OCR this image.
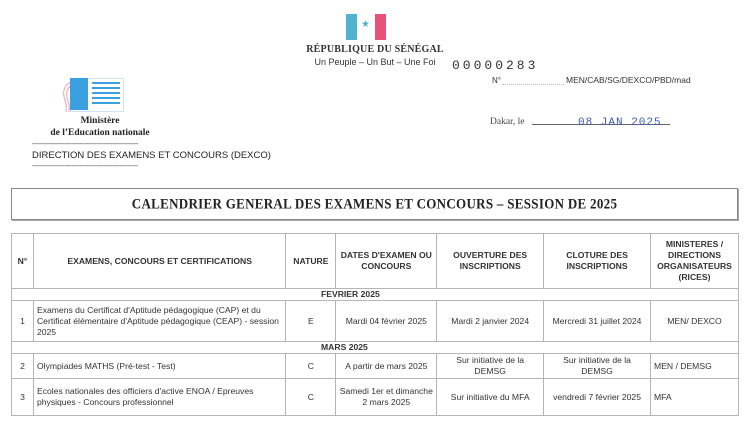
★
RÉPUBLIQUE DU SÉNÉGAL
Un Peuple – Un But – Une Foi	00000283
N°	MEN/CAB/SG/DEXCO/PBD/mad
Dakar, le	08 JAN 2025
Ministère
de l’Education nationale
-------------------------------------------------
DIRECTION DES EXAMENS ET CONCOURS (DEXCO)
-------------------------------------------------
CALENDRIER GENERAL DES EXAMENS ET CONCOURS – SESSION DE 2025
N°	EXAMENS, CONCOURS ET CERTIFICATIONS	NATURE	DATES D'EXAMEN OU CONCOURS	OUVERTURE DES INSCRIPTIONS	CLOTURE DES INSCRIPTIONS	MINISTERES / DIRECTIONS ORGANISATEURS (RICES)
FEVRIER 2025						
1	Examens du Certificat d'Aptitude pédagogique (CAP) et du Certificat élémentaire d'Aptitude pédagogique (CEAP) - session 2025	E	Mardi 04 février 2025	Mardi 2 janvier 2024	Mercredi 31 juillet 2024	MEN/ DEXCO
MARS 2025						
2	Olympiades MATHS (Pré-test - Test)	C	A partir de mars 2025	Sur initiative de la DEMSG	Sur initiative de la DEMSG	MEN / DEMSG
3	Ecoles nationales des officiers d'active ENOA / Epreuves physiques - Concours professionnel	C	Samedi 1er et dimanche 2 mars 2025	Sur initiative du MFA	vendredi 7 février 2025	MFA
